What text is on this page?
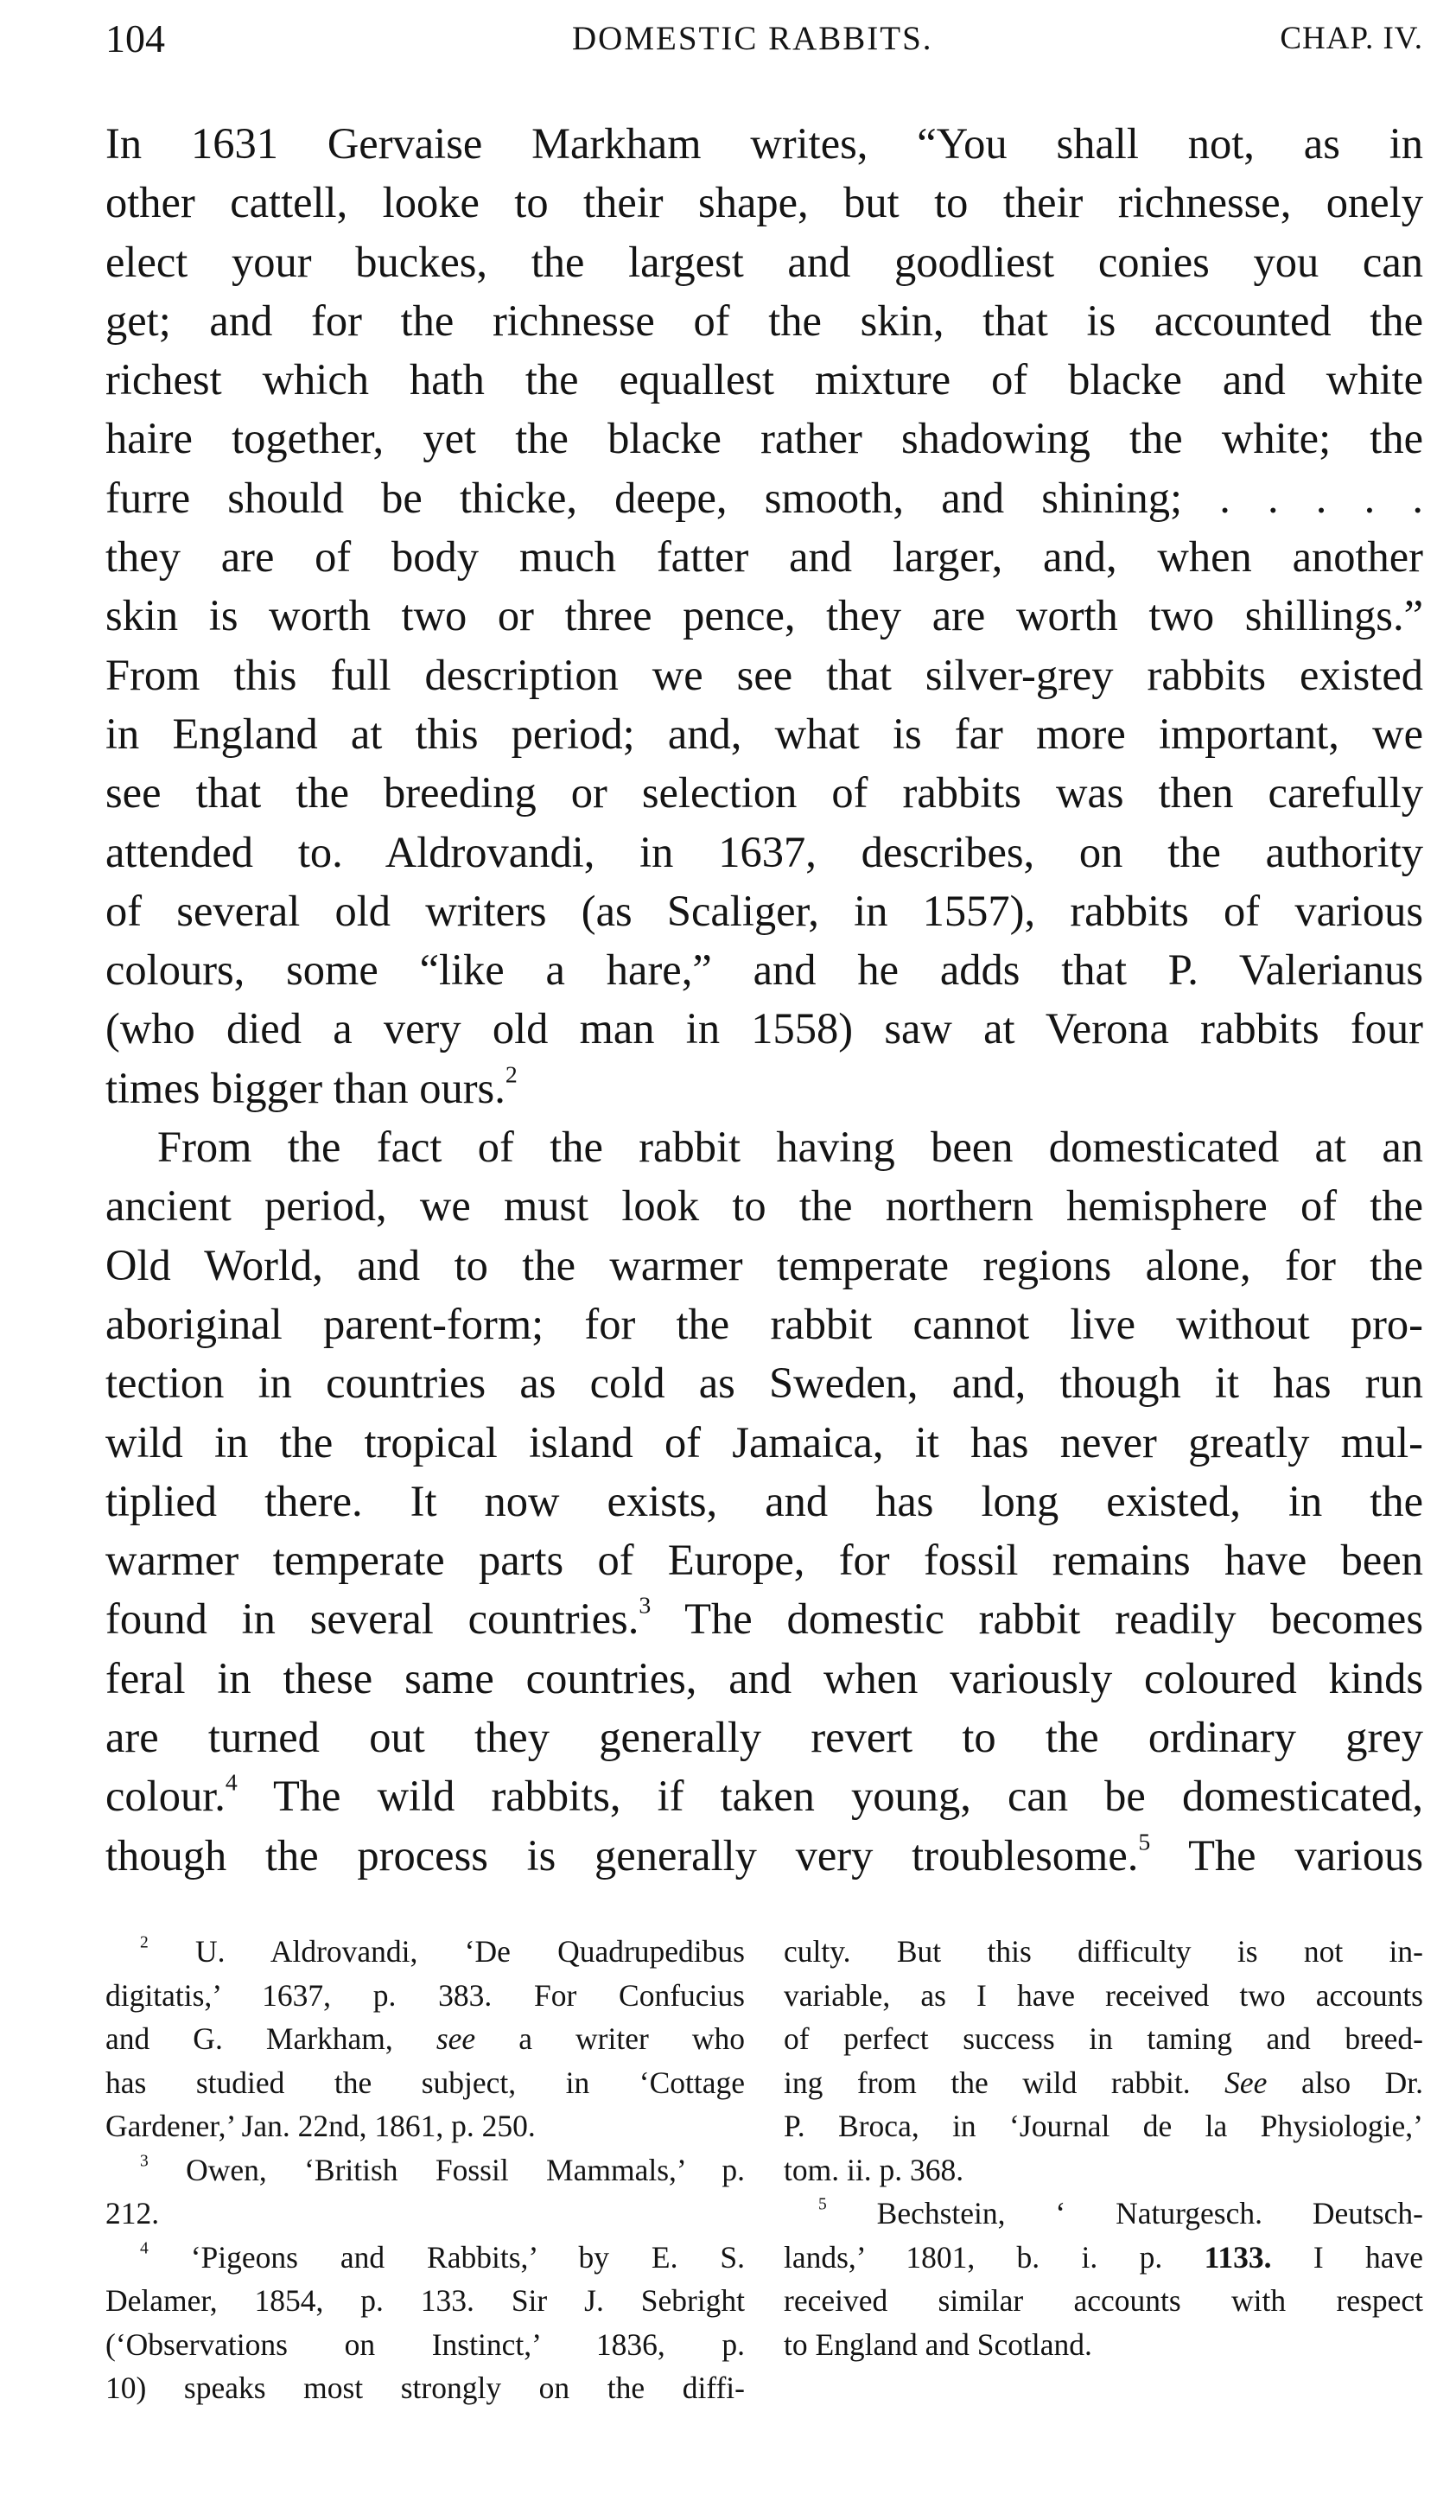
104	DOMESTIC RABBITS.	CHAP. IV.
In 1631 Gervaise Markham writes, “You shall not, as in
other cattell, looke to their shape, but to their richnesse, onely
elect your buckes, the largest and goodliest conies you can
get; and for the richnesse of the skin, that is accounted the
richest which hath the equallest mixture of blacke and white
haire together, yet the blacke rather shadowing the white; the
furre should be thicke, deepe, smooth, and shining; . . . . .
they are of body much fatter and larger, and, when another
skin is worth two or three pence, they are worth two shillings.”
From this full description we see that silver-grey rabbits existed
in England at this period; and, what is far more important, we
see that the breeding or selection of rabbits was then carefully
attended to. Aldrovandi, in 1637, describes, on the authority
of several old writers (as Scaliger, in 1557), rabbits of various
colours, some “like a hare,” and he adds that P. Valerianus
(who died a very old man in 1558) saw at Verona rabbits four
times bigger than ours.$^2$
From the fact of the rabbit having been domesticated at an
ancient period, we must look to the northern hemisphere of the
Old World, and to the warmer temperate regions alone, for the
aboriginal parent-form; for the rabbit cannot live without pro-
tection in countries as cold as Sweden, and, though it has run
wild in the tropical island of Jamaica, it has never greatly mul-
tiplied there. It now exists, and has long existed, in the
warmer temperate parts of Europe, for fossil remains have been
found in several countries.$^3$ The domestic rabbit readily becomes
feral in these same countries, and when variously coloured kinds
are turned out they generally revert to the ordinary grey
colour.$^4$ The wild rabbits, if taken young, can be domesticated,
though the process is generally very troublesome.$^5$ The various
$^2$ U. Aldrovandi, ‘De Quadrupedibus
digitatis,’ 1637, p. 383. For Confucius
and G. Markham, see a writer who
has studied the subject, in ‘Cottage
Gardener,’ Jan. 22nd, 1861, p. 250.
$^3$ Owen, ‘British Fossil Mammals,’ p.
212.
$^4$ ‘Pigeons and Rabbits,’ by E. S.
Delamer, 1854, p. 133. Sir J. Sebright
(‘Observations on Instinct,’ 1836, p.
10) speaks most strongly on the diffi-
culty. But this difficulty is not in-
variable, as I have received two accounts
of perfect success in taming and breed-
ing from the wild rabbit. See also Dr.
P. Broca, in ‘Journal de la Physiologie,’
tom. ii. p. 368.
$^5$ Bechstein, ‘ Naturgesch. Deutsch-
lands,’ 1801, b. i. p. 1133. I have
received similar accounts with respect
to England and Scotland.
